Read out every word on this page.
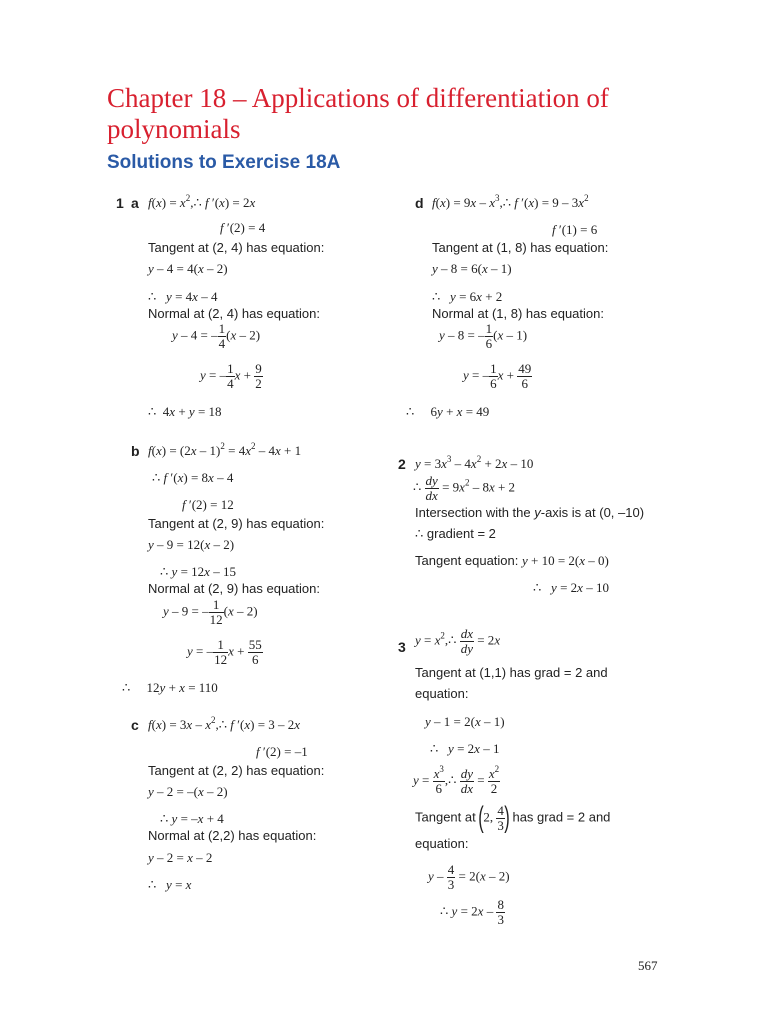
Chapter 18 – Applications of differentiation of polynomials
Solutions to Exercise 18A
1 a $f(x) = x^2,\therefore$ f ′(x) = 2x
f ′(2) = 4
Tangent at (2, 4) has equation:
y – 4 = 4(x – 2)
∴ y = 4x – 4
Normal at (2, 4) has equation:
y – 4 = – $\frac{1}{4} (x - 2)$
y = – $\frac{1}{4}$ $x + \frac{9}{2}$
∴  4x + y = 18
b $f(x) = (2x - 1)^2 = 4x^2 - 4x + 1$
∴ f ′(x) = 8x – 4
f ′(2) = 12
Tangent at (2, 9) has equation:
y – 9 = 12(x – 2)
∴ y = 12x – 15
Normal at (2, 9) has equation:
y – 9 = – $\frac{1}{12} (x - 2)$
y = – $\frac{1}{12}$ $x + \frac{55}{6}$
∴     12y + x = 110
c $f(x) = 3x - x^2,\therefore$ f ′(x) = 3 – 2x
f ′(2) = –1
Tangent at (2, 2) has equation:
y – 2 = –(x – 2)
∴ y = –x + 4
Normal at (2,2) has equation:
y – 2 = x – 2
∴ y = x
d $f(x) = 9x - x^3,\therefore$ f $'(x) = 9 - 3x^2$
f ′(1) = 6
Tangent at (1, 8) has equation:
y – 8 = 6(x – 1)
∴ y = 6x + 2
Normal at (1, 8) has equation:
y – 8 = – $\frac{1}{6} (x - 1)$
y = – $\frac{1}{6}$ $x + \frac{49}{6}$
∴     6y + x = 49
2 $y = 3x^3 - 4x^2 + 2x - 10$
∴ $\frac{dy}{dx} = 9x^2 - 8x + 2$
Intersection with the y-axis is at (0, –10)
∴ gradient = 2
Tangent equation: y + 10 = 2(x – 0)
∴ y = 2x – 10
3 $y = x^2,\therefore \frac{dx}{dy} = 2x$
Tangent at (1,1) has grad = 2 and
equation:
y – 1 = 2(x – 1)
∴ y = 2x – 1
$y = \frac{x^3}{6}$ ,∴ $\frac{dy}{dx} = \frac{x^2}{2}$
Tangent at (2, $\frac{4}{3}$ ) has grad = 2 and
equation:
$y - \frac{4}{3} = 2(x - 2)$
∴ $y = 2x - \frac{8}{3}$
567
